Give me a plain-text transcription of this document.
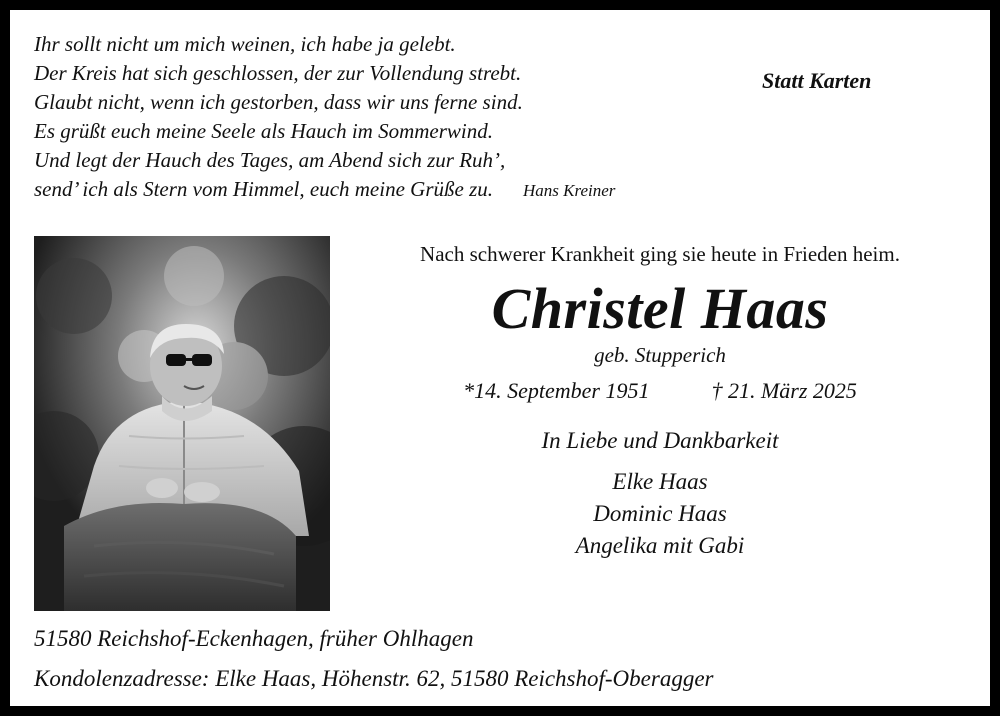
Ihr sollt nicht um mich weinen, ich habe ja gelebt.
Der Kreis hat sich geschlossen, der zur Vollendung strebt.
Glaubt nicht, wenn ich gestorben, dass wir uns ferne sind.
Es grüßt euch meine Seele als Hauch im Sommerwind.
Und legt der Hauch des Tages, am Abend sich zur Ruh’,
send’ ich als Stern vom Himmel, euch meine Grüße zu. Hans Kreiner
Statt Karten
Nach schwerer Krankheit ging sie heute in Frieden heim.
Christel Haas
geb. Stupperich
*14. September 1951	† 21. März 2025
In Liebe und Dankbarkeit
Elke Haas
Dominic Haas
Angelika mit Gabi
51580 Reichshof-Eckenhagen, früher Ohlhagen
Kondolenzadresse: Elke Haas, Höhenstr. 62, 51580 Reichshof-Oberagger
